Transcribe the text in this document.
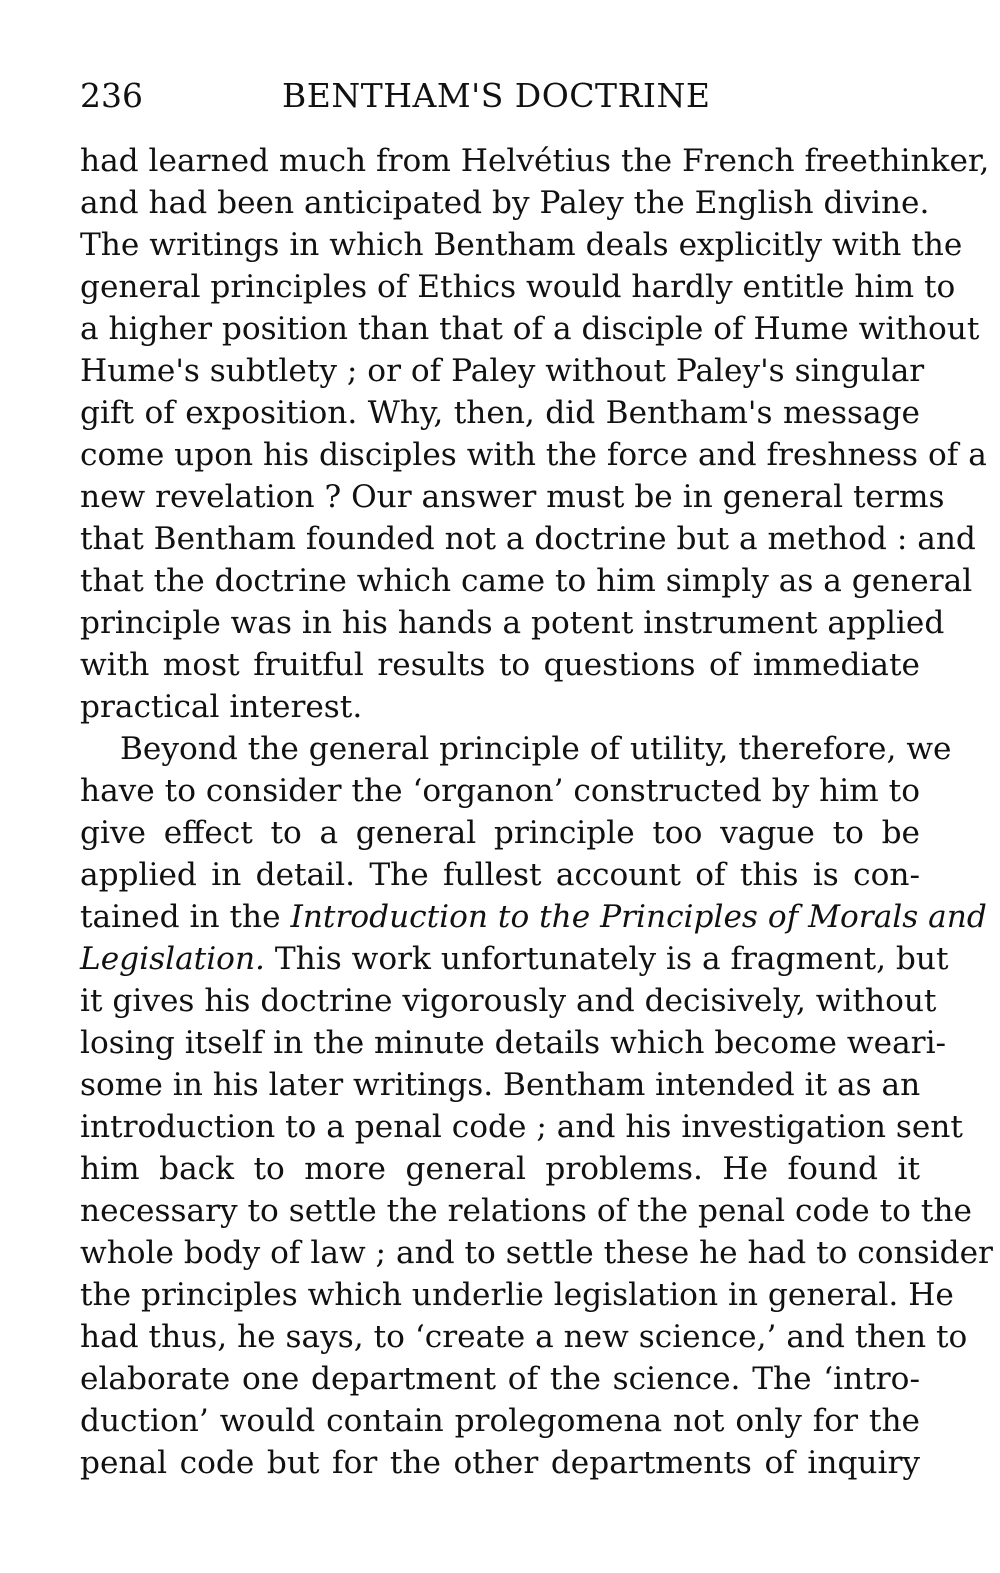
236	BENTHAM'S DOCTRINE
had learned much from Helvétius the French freethinker,
and had been anticipated by Paley the English divine.
The writings in which Bentham deals explicitly with the
general principles of Ethics would hardly entitle him to
a higher position than that of a disciple of Hume without
Hume's subtlety ; or of Paley without Paley's singular
gift of exposition. Why, then, did Bentham's message
come upon his disciples with the force and freshness of a
new revelation ? Our answer must be in general terms
that Bentham founded not a doctrine but a method : and
that the doctrine which came to him simply as a general
principle was in his hands a potent instrument applied
with most fruitful results to questions of immediate
practical interest.
Beyond the general principle of utility, therefore, we
have to consider the ‘organon’ constructed by him to
give effect to a general principle too vague to be
applied in detail. The fullest account of this is con-
tained in the Introduction to the Principles of Morals and
Legislation. This work unfortunately is a fragment, but
it gives his doctrine vigorously and decisively, without
losing itself in the minute details which become weari-
some in his later writings. Bentham intended it as an
introduction to a penal code ; and his investigation sent
him back to more general problems. He found it
necessary to settle the relations of the penal code to the
whole body of law ; and to settle these he had to consider
the principles which underlie legislation in general. He
had thus, he says, to ‘create a new science,’ and then to
elaborate one department of the science. The ‘intro-
duction’ would contain prolegomena not only for the
penal code but for the other departments of inquiry
